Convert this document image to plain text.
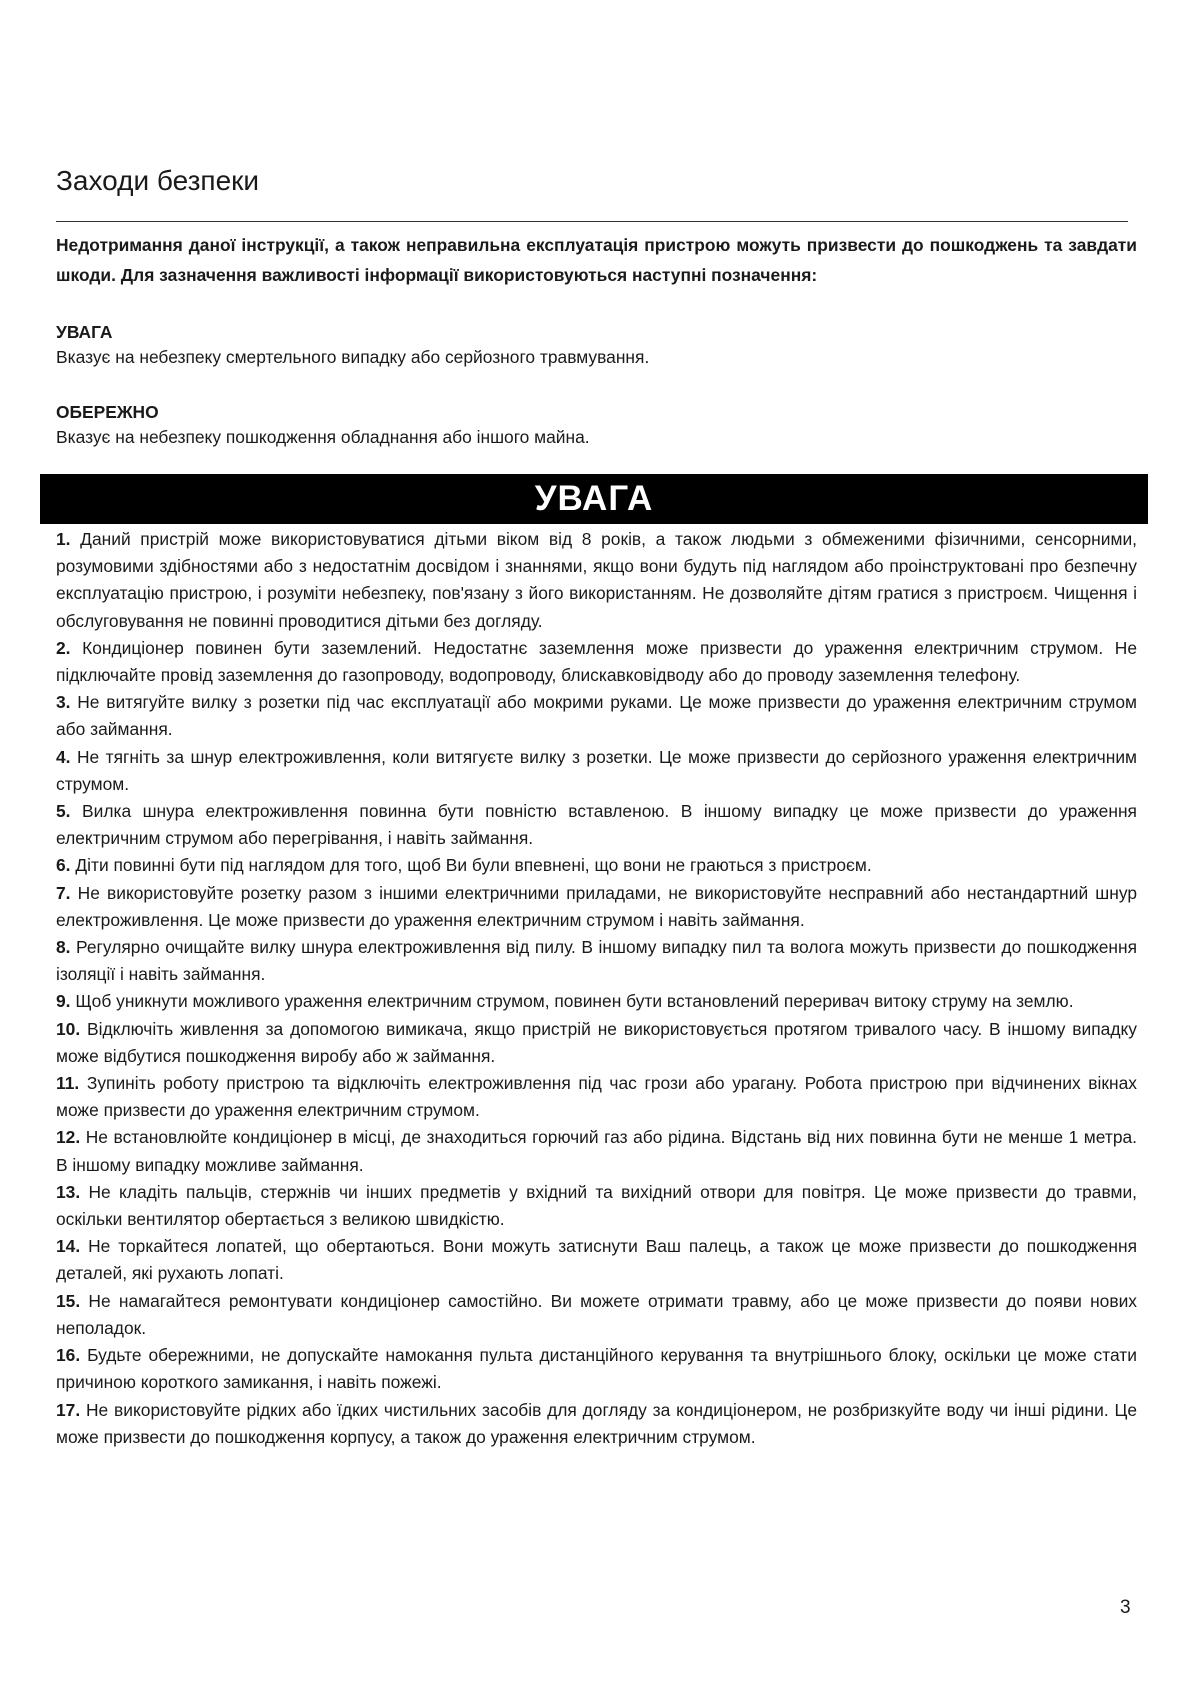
Заходи безпеки

Недотримання даної інструкції, а також неправильна експлуатація пристрою можуть призвести до пошкоджень та завдати шкоди. Для зазначення важливості інформації використовуються наступні позначення:

УВАГА

Вказує на небезпеку смертельного випадку або серйозного травмування.

ОБЕРЕЖНО

Вказує на небезпеку пошкодження обладнання або іншого майна.

УВАГА
1. Даний пристрій може використовуватися дітьми віком від 8 років, а також людьми з обмеженими фізичними, сенсорними, розумовими здібностями або з недостатнім досвідом і знаннями, якщо вони будуть під наглядом або проінструктовані про безпечну експлуатацію пристрою, і розуміти небезпеку, пов'язану з його використанням. Не дозволяйте дітям гратися з пристроєм. Чищення і обслуговування не повинні проводитися дітьми без догляду.
2. Кондиціонер повинен бути заземлений. Недостатнє заземлення може призвести до ураження електричним струмом. Не підключайте провід заземлення до газопроводу, водопроводу, блискавковідводу або до проводу заземлення телефону.
3. Не витягуйте вилку з розетки під час експлуатації або мокрими руками. Це може призвести до ураження електричним струмом або займання.
4. Не тягніть за шнур електроживлення, коли витягуєте вилку з розетки. Це може призвести до серйозного ураження електричним струмом.
5. Вилка шнура електроживлення повинна бути повністю вставленою. В іншому випадку це може призвести до ураження електричним струмом або перегрівання, і навіть займання.
6. Діти повинні бути під наглядом для того, щоб Ви були впевнені, що вони не граються з пристроєм.
7. Не використовуйте розетку разом з іншими електричними приладами, не використовуйте несправний або нестандартний шнур електроживлення. Це може призвести до ураження електричним струмом і навіть займання.
8. Регулярно очищайте вилку шнура електроживлення від пилу. В іншому випадку пил та волога можуть призвести до пошкодження ізоляції і навіть займання.
9. Щоб уникнути можливого ураження електричним струмом, повинен бути встановлений переривач витоку струму на землю.
10. Відключіть живлення за допомогою вимикача, якщо пристрій не використовується протягом тривалого часу. В іншому випадку може відбутися пошкодження виробу або ж займання.
11. Зупиніть роботу пристрою та відключіть електроживлення під час грози або урагану. Робота пристрою при відчинених вікнах може призвести до ураження електричним струмом.
12. Не встановлюйте кондиціонер в місці, де знаходиться горючий газ або рідина. Відстань від них повинна бути не менше 1 метра. В іншому випадку можливе займання.
13. Не кладіть пальців, стержнів чи інших предметів у вхідний та вихідний отвори для повітря. Це може призвести до травми, оскільки вентилятор обертається з великою швидкістю.
14. Не торкайтеся лопатей, що обертаються. Вони можуть затиснути Ваш палець, а також це може призвести до пошкодження деталей, які рухають лопаті.
15. Не намагайтеся ремонтувати кондиціонер самостійно. Ви можете отримати травму, або це може призвести до появи нових неполадок.
16. Будьте обережними, не допускайте намокання пульта дистанційного керування та внутрішнього блоку, оскільки це може стати причиною короткого замикання, і навіть пожежі.
17. Не використовуйте рідких або їдких чистильних засобів для догляду за кондиціонером, не розбризкуйте воду чи інші рідини. Це може призвести до пошкодження корпусу, а також до ураження електричним струмом.
3
